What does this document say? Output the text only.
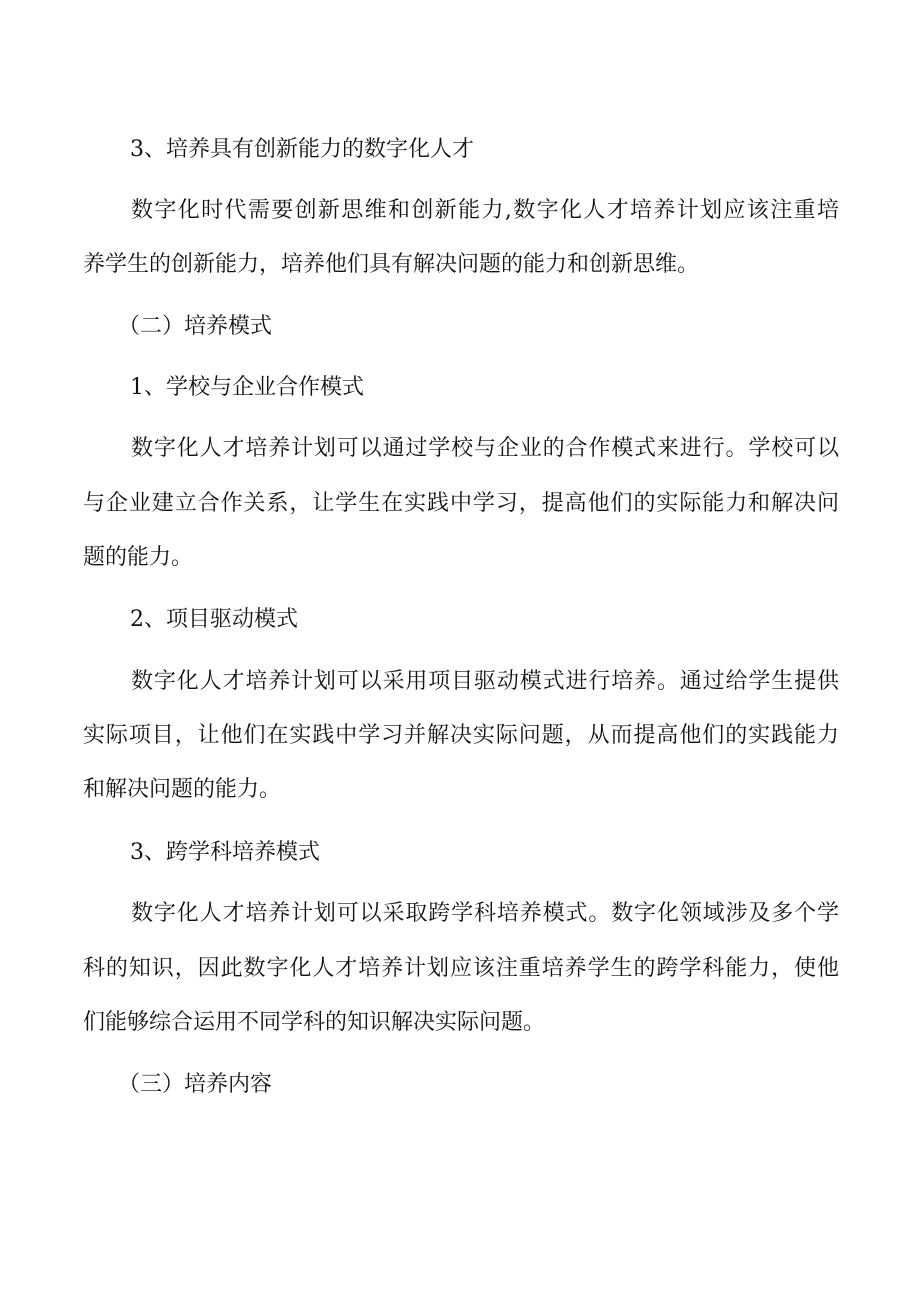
3、培养具有创新能力的数字化人才
数字化时代需要创新思维和创新能力,数字化人才培养计划应该注重培
养学生的创新能力，培养他们具有解决问题的能力和创新思维。
（二）培养模式
1、学校与企业合作模式
数字化人才培养计划可以通过学校与企业的合作模式来进行。学校可以
与企业建立合作关系，让学生在实践中学习，提高他们的实际能力和解决问
题的能力。
2、项目驱动模式
数字化人才培养计划可以采用项目驱动模式进行培养。通过给学生提供
实际项目，让他们在实践中学习并解决实际问题，从而提高他们的实践能力
和解决问题的能力。
3、跨学科培养模式
数字化人才培养计划可以采取跨学科培养模式。数字化领域涉及多个学
科的知识，因此数字化人才培养计划应该注重培养学生的跨学科能力，使他
们能够综合运用不同学科的知识解决实际问题。
（三）培养内容
